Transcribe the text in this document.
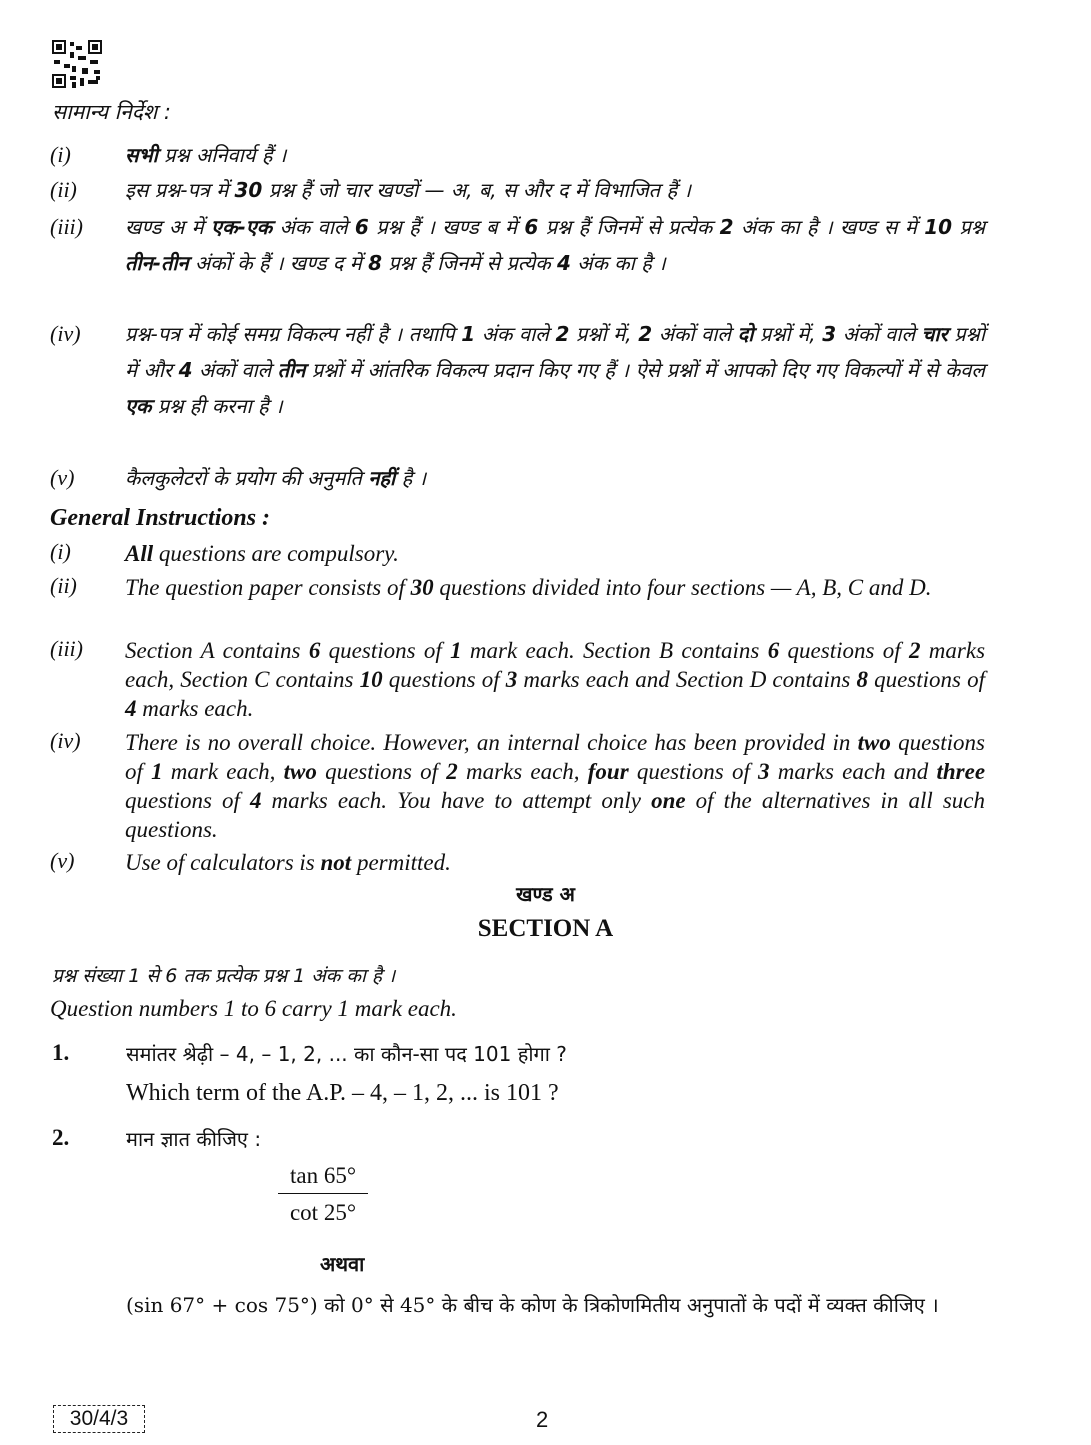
सामान्य निर्देश :
(i)	सभी प्रश्न अनिवार्य हैं ।
(ii)	इस प्रश्न-पत्र में 30 प्रश्न हैं जो चार खण्डों — अ, ब, स और द में विभाजित हैं ।
(iii)	खण्ड अ में एक-एक अंक वाले 6 प्रश्न हैं । खण्ड ब में 6 प्रश्न हैं जिनमें से प्रत्येक 2 अंक का है । खण्ड स में 10 प्रश्न तीन-तीन अंकों के हैं । खण्ड द में 8 प्रश्न हैं जिनमें से प्रत्येक 4 अंक का है ।
(iv)	प्रश्न-पत्र में कोई समग्र विकल्प नहीं है । तथापि 1 अंक वाले 2 प्रश्नों में, 2 अंकों वाले दो प्रश्नों में, 3 अंकों वाले चार प्रश्नों में और 4 अंकों वाले तीन प्रश्नों में आंतरिक विकल्प प्रदान किए गए हैं । ऐसे प्रश्नों में आपको दिए गए विकल्पों में से केवल एक प्रश्न ही करना है ।
(v)	कैलकुलेटरों के प्रयोग की अनुमति नहीं है ।
General Instructions :
(i)	All questions are compulsory.
(ii)	The question paper consists of 30 questions divided into four sections — A, B, C and D.
(iii)	Section A contains 6 questions of 1 mark each. Section B contains 6 questions of 2 marks each, Section C contains 10 questions of 3 marks each and Section D contains 8 questions of 4 marks each.
(iv)	There is no overall choice. However, an internal choice has been provided in two questions of 1 mark each, two questions of 2 marks each, four questions of 3 marks each and three questions of 4 marks each. You have to attempt only one of the alternatives in all such questions.
(v)	Use of calculators is not permitted.
खण्ड अ
SECTION A
प्रश्न संख्या 1 से 6 तक प्रत्येक प्रश्न 1 अंक का है ।
Question numbers 1 to 6 carry 1 mark each.
1.	समांतर श्रेढ़ी – 4, – 1, 2, ... का कौन-सा पद 101 होगा ?
Which term of the A.P. – 4, – 1, 2, ... is 101 ?
2.	मान ज्ञात कीजिए :
$\frac{\tan 65^\circ}{\cot 25^\circ}$
अथवा
(sin 67° + cos 75°) को 0° से 45° के बीच के कोण के त्रिकोणमितीय अनुपातों के पदों में व्यक्त कीजिए ।
30/4/3	2
